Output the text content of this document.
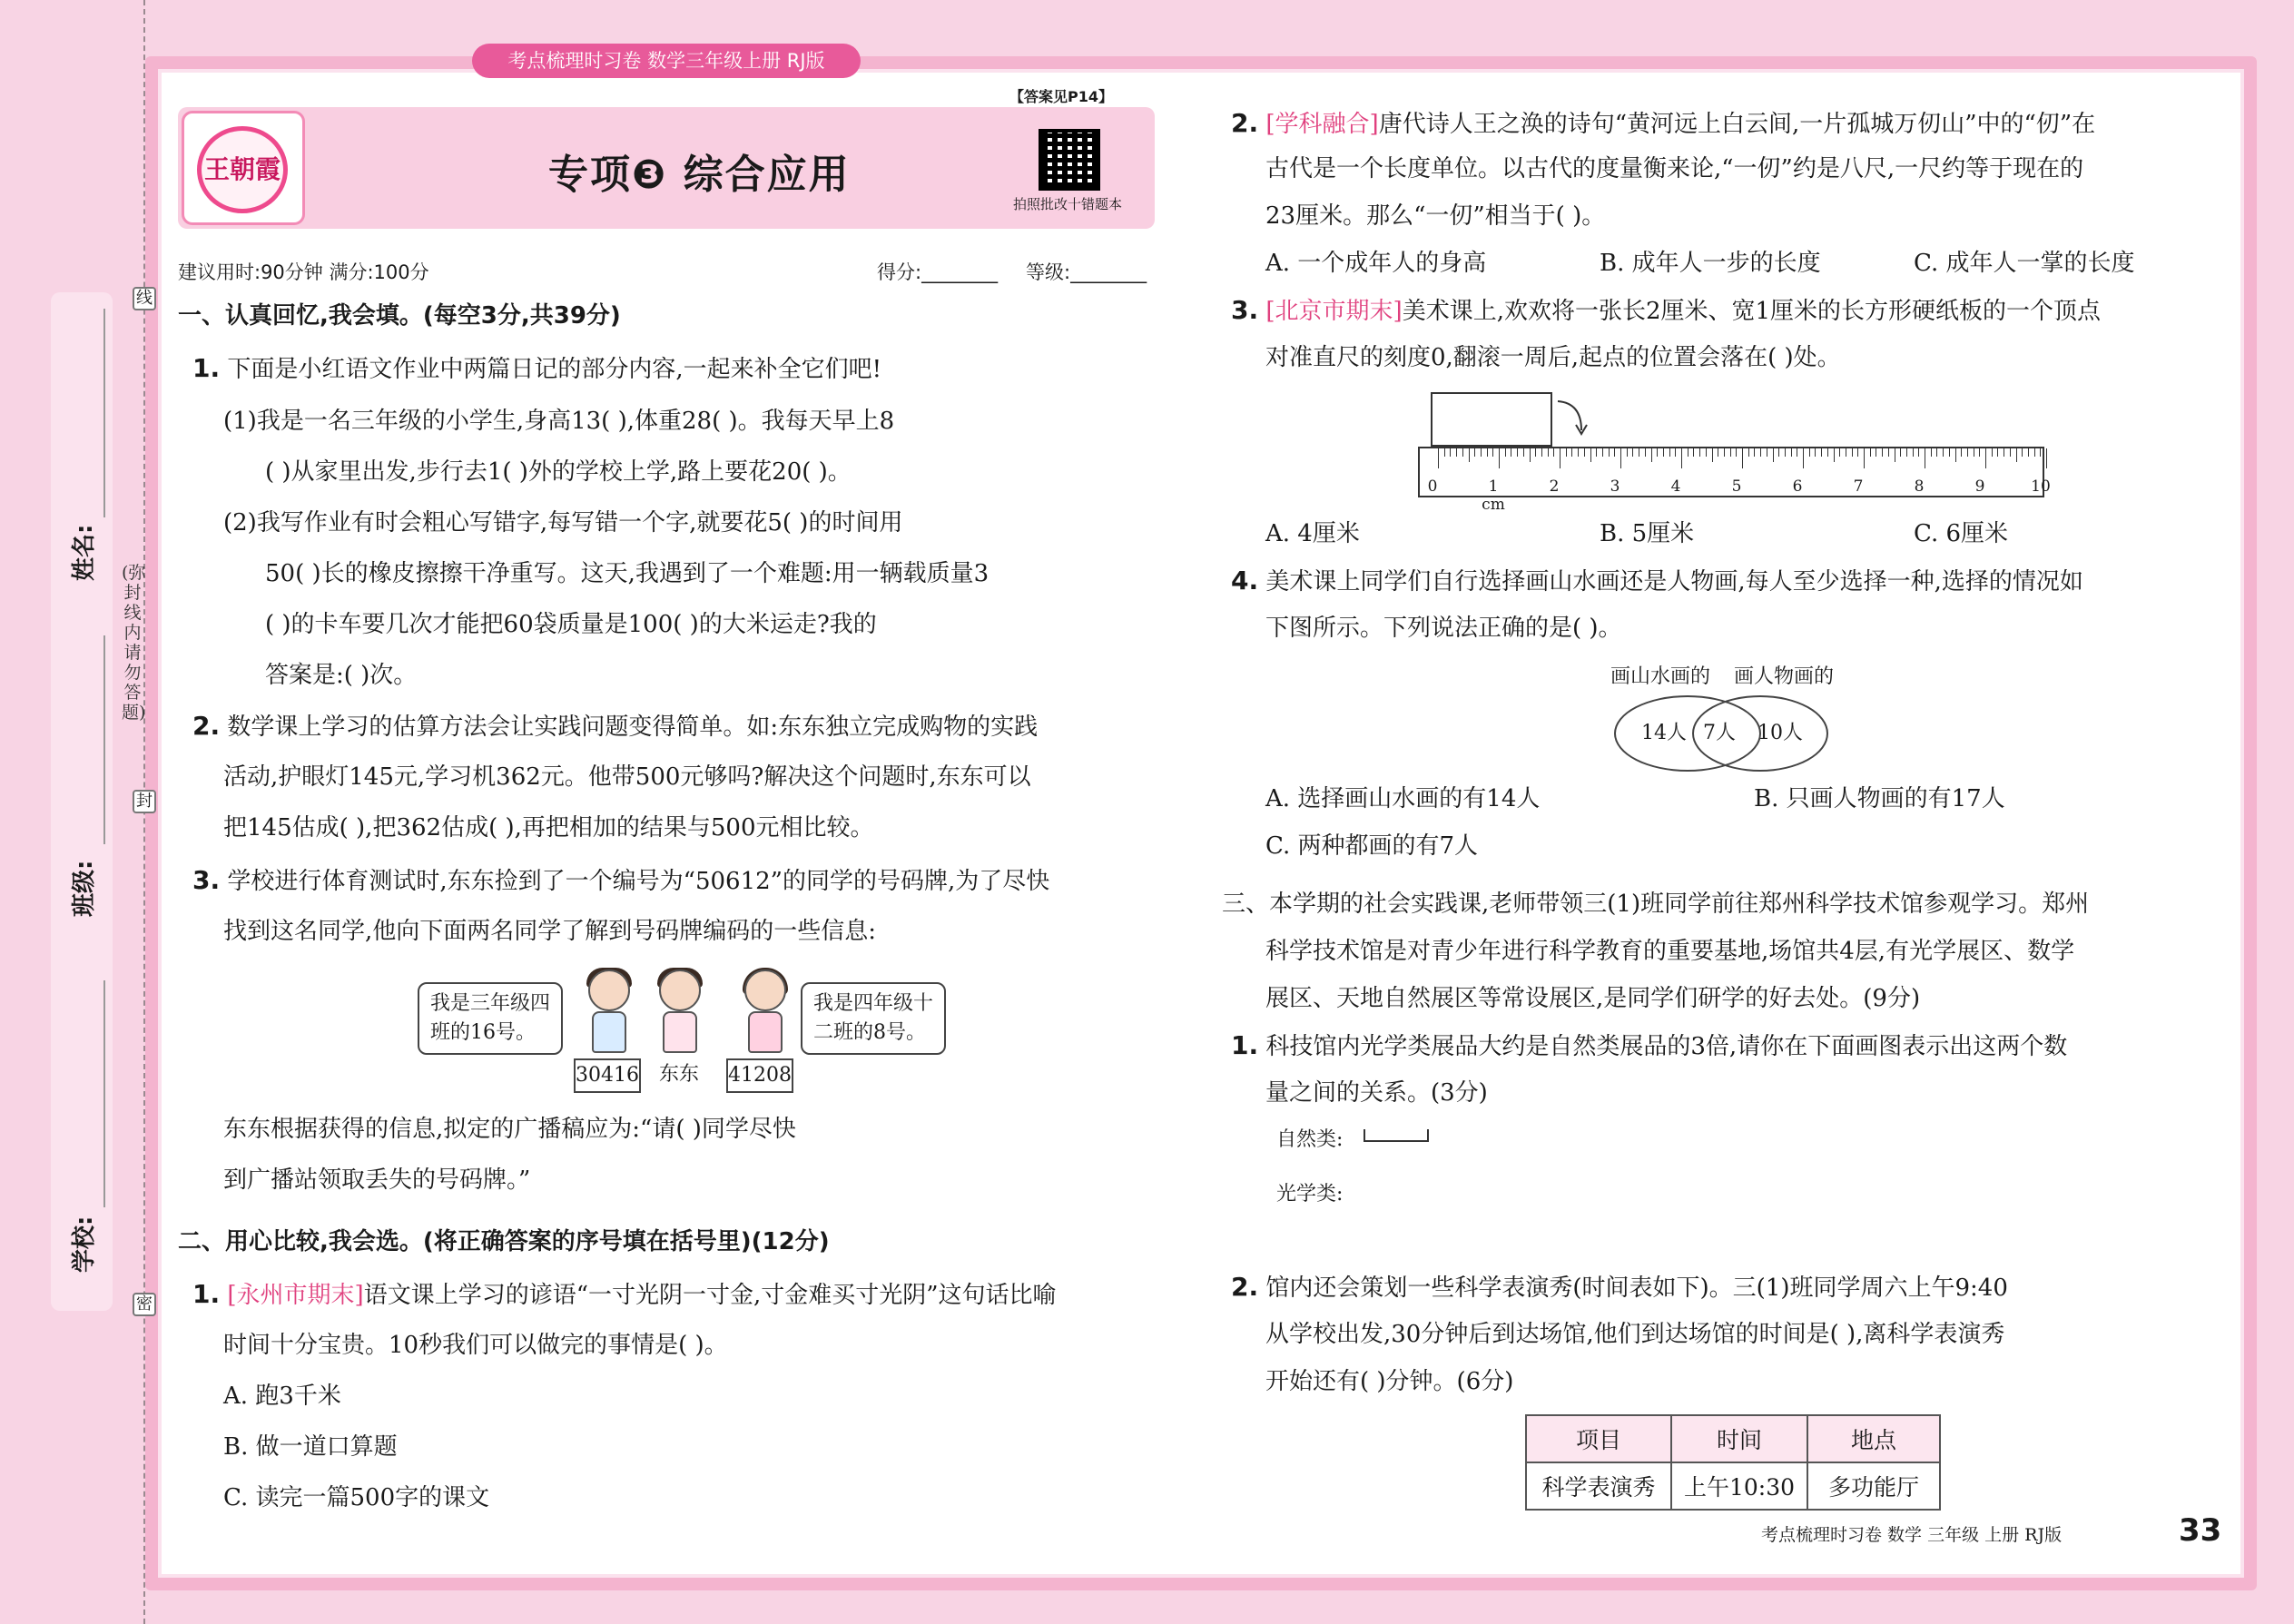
姓名:
班级:
学校:
(弥封线内请勿答题)
线
封
密
考点梳理时习卷 数学三年级上册 RJ版
王朝霞	专项❸ 综合应用
【答案见P14】
拍照批改十错题本
建议用时:90分钟 满分:100分	得分:________ 等级:________
一、认真回忆,我会填。(每空3分,共39分)
1. 下面是小红语文作业中两篇日记的部分内容,一起来补全它们吧!
(1)我是一名三年级的小学生,身高13( ),体重28( )。我每天早上8
( )从家里出发,步行去1( )外的学校上学,路上要花20( )。
(2)我写作业有时会粗心写错字,每写错一个字,就要花5( )的时间用
50( )长的橡皮擦擦干净重写。这天,我遇到了一个难题:用一辆载质量3
( )的卡车要几次才能把60袋质量是100( )的大米运走?我的
答案是:( )次。
2. 数学课上学习的估算方法会让实践问题变得简单。如:东东独立完成购物的实践
活动,护眼灯145元,学习机362元。他带500元够吗?解决这个问题时,东东可以
把145估成( ),把362估成( ),再把相加的结果与500元相比较。
3. 学校进行体育测试时,东东捡到了一个编号为“50612”的同学的号码牌,为了尽快
找到这名同学,他向下面两名同学了解到号码牌编码的一些信息:
我是三年级四
班的16号。
我是四年级十
二班的8号。
30416 东东 41208
东东根据获得的信息,拟定的广播稿应为:“请( )同学尽快
到广播站领取丢失的号码牌。”
二、用心比较,我会选。(将正确答案的序号填在括号里)(12分)
1. [永州市期末]语文课上学习的谚语“一寸光阴一寸金,寸金难买寸光阴”这句话比喻
时间十分宝贵。10秒我们可以做完的事情是( )。
A. 跑3千米
B. 做一道口算题
C. 读完一篇500字的课文
2. [学科融合]唐代诗人王之涣的诗句“黄河远上白云间,一片孤城万仞山”中的“仞”在
古代是一个长度单位。以古代的度量衡来论,“一仞”约是八尺,一尺约等于现在的
23厘米。那么“一仞”相当于( )。
A. 一个成年人的身高	B. 成年人一步的长度	C. 成年人一掌的长度
3. [北京市期末]美术课上,欢欢将一张长2厘米、宽1厘米的长方形硬纸板的一个顶点
对准直尺的刻度0,翻滚一周后,起点的位置会落在( )处。
0	1 cm
2	3	4	5	6	7	8	9	10
A. 4厘米	B. 5厘米	C. 6厘米
4. 美术课上同学们自行选择画山水画还是人物画,每人至少选择一种,选择的情况如
下图所示。下列说法正确的是( )。
画山水画的 画人物画的
14人 7人 10人
A. 选择画山水画的有14人	B. 只画人物画的有17人
C. 两种都画的有7人
三、本学期的社会实践课,老师带领三(1)班同学前往郑州科学技术馆参观学习。郑州
科学技术馆是对青少年进行科学教育的重要基地,场馆共4层,有光学展区、数学
展区、天地自然展区等常设展区,是同学们研学的好去处。(9分)
1. 科技馆内光学类展品大约是自然类展品的3倍,请你在下面画图表示出这两个数
量之间的关系。(3分)
自然类:
光学类:
2. 馆内还会策划一些科学表演秀(时间表如下)。三(1)班同学周六上午9:40
从学校出发,30分钟后到达场馆,他们到达场馆的时间是( ),离科学表演秀
开始还有( )分钟。(6分)
项目	时间	地点
科学表演秀	上午10:30	多功能厅
考点梳理时习卷 数学 三年级 上册 RJ版	33
